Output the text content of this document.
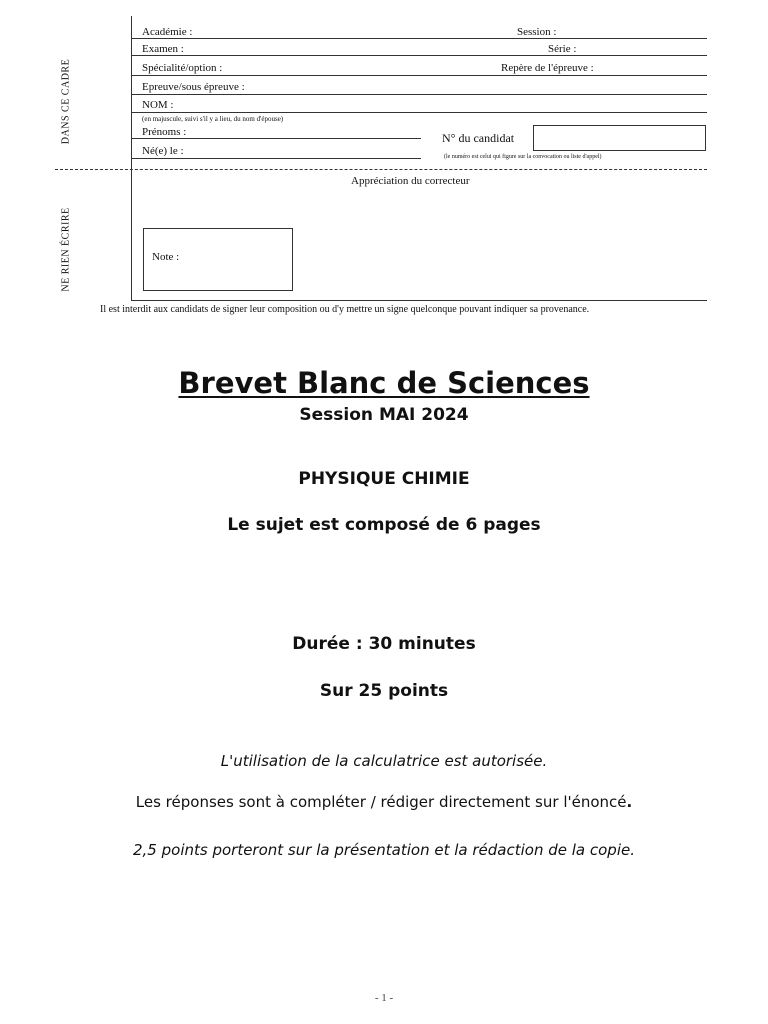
DANS CE CADRE
NE RIEN ÉCRIRE
Académie :	Session :
Examen :	Série :
Spécialité/option :	Repère de l'épreuve :
Epreuve/sous épreuve :
NOM :
(en majuscule, suivi s'il y a lieu, du nom d'épouse)
Prénoms :
Né(e) le :
N° du candidat
(le numéro est celui qui figure sur la convocation ou liste d'appel)
Appréciation du correcteur
Note :
Il est interdit aux candidats de signer leur composition ou d'y mettre un signe quelconque pouvant indiquer sa provenance.
Brevet Blanc de Sciences
Session MAI 2024
PHYSIQUE CHIMIE
Le sujet est composé de 6 pages
Durée : 30 minutes
Sur 25 points
L'utilisation de la calculatrice est autorisée.
Les réponses sont à compléter / rédiger directement sur l'énoncé.
2,5 points porteront sur la présentation et la rédaction de la copie.
- 1 -
